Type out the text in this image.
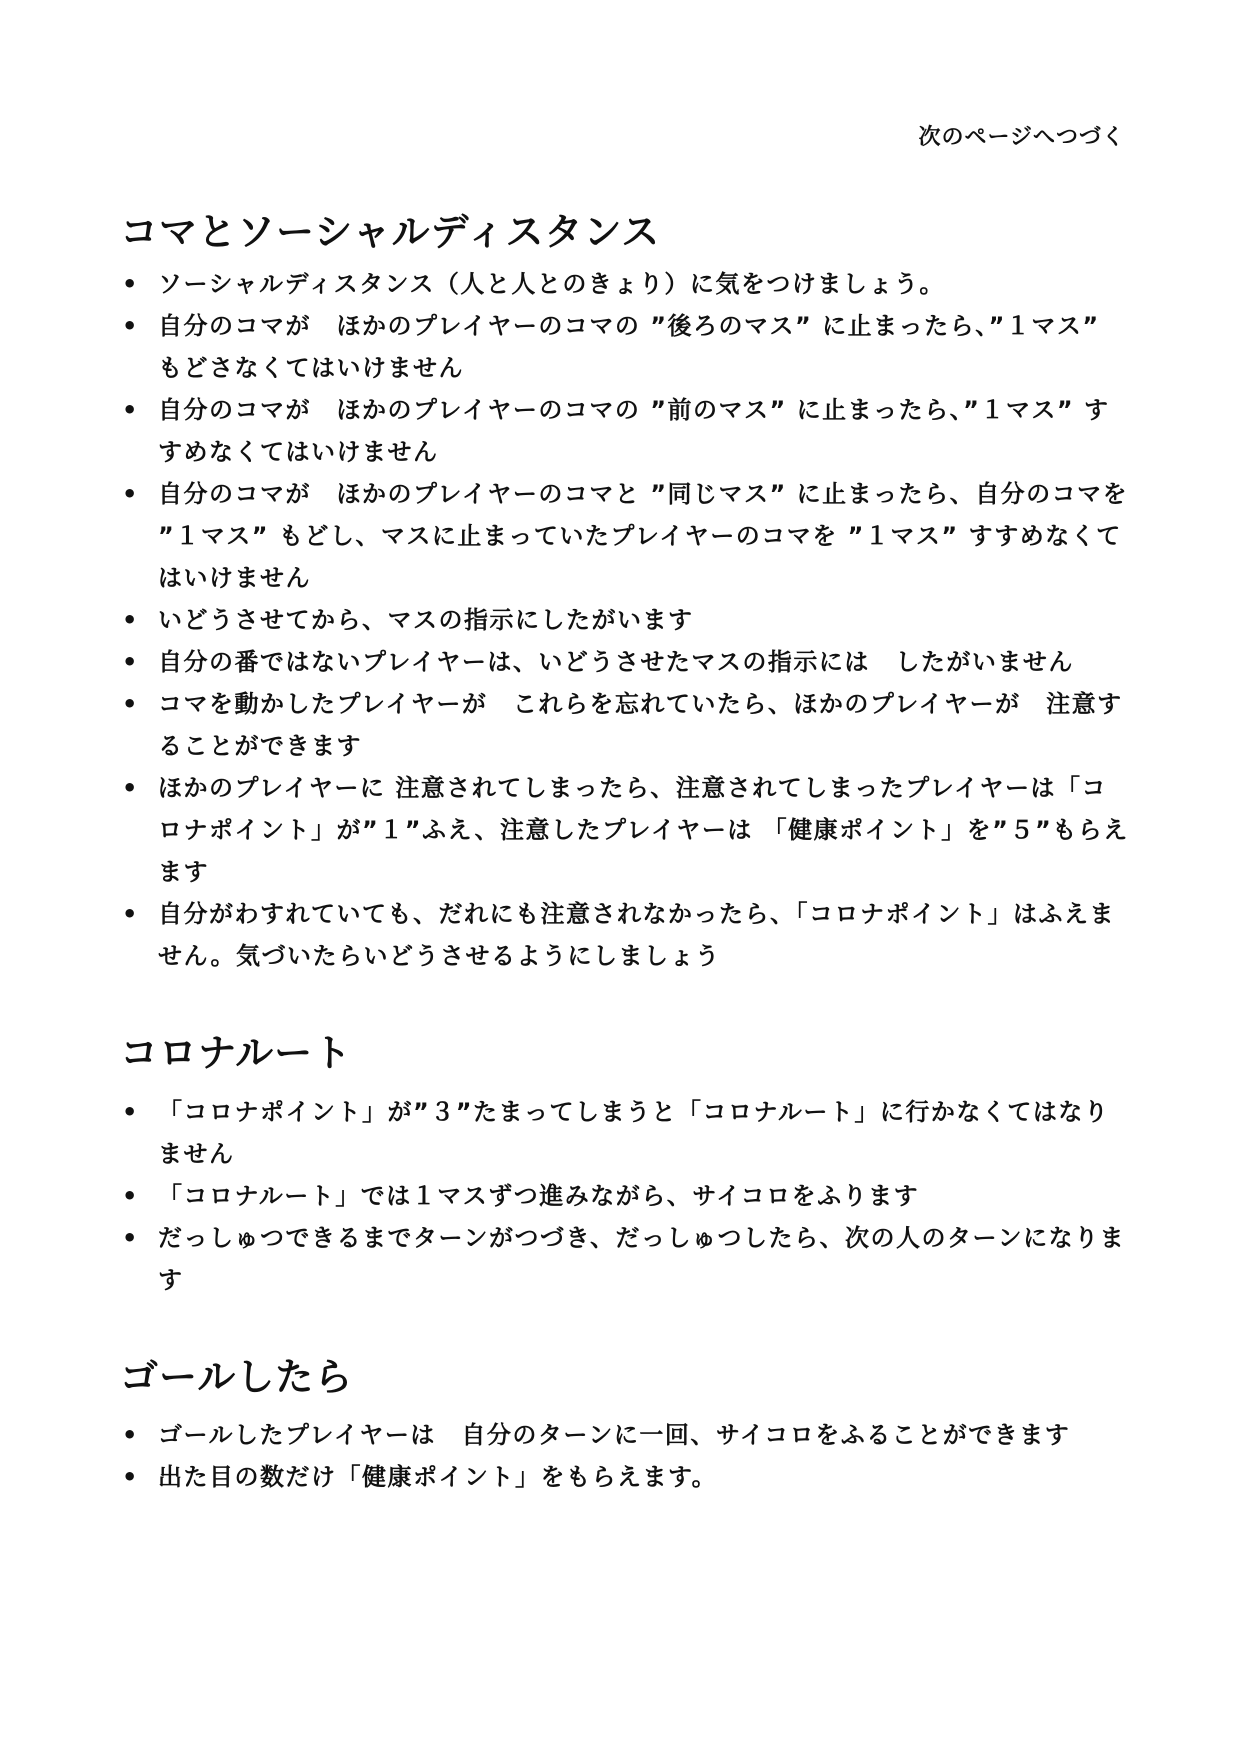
次のページへつづく
コマとソーシャルディスタンス
• ソーシャルディスタンス（人と人とのきょり）に気をつけましょう。
• 自分のコマが　ほかのプレイヤーのコマの ”後ろのマス” に止まったら、”１マス” もどさなくてはいけません
• 自分のコマが　ほかのプレイヤーのコマの ”前のマス” に止まったら、”１マス” すすめなくてはいけません
• 自分のコマが　ほかのプレイヤーのコマと ”同じマス” に止まったら、自分のコマを ”１マス” もどし、マスに止まっていたプレイヤーのコマを ”１マス” すすめなくてはいけません
• いどうさせてから、マスの指示にしたがいます
• 自分の番ではないプレイヤーは、いどうさせたマスの指示には　したがいません
• コマを動かしたプレイヤーが　これらを忘れていたら、ほかのプレイヤーが　注意することができます
• ほかのプレイヤーに 注意されてしまったら、注意されてしまったプレイヤーは「コロナポイント」が”１”ふえ、注意したプレイヤーは 「健康ポイント」を”５”もらえます
• 自分がわすれていても、だれにも注意されなかったら、「コロナポイント」はふえません。気づいたらいどうさせるようにしましょう
コロナルート
• 「コロナポイント」が”３”たまってしまうと「コロナルート」に行かなくてはなりません
• 「コロナルート」では１マスずつ進みながら、サイコロをふります
• だっしゅつできるまでターンがつづき、だっしゅつしたら、次の人のターンになります
ゴールしたら
• ゴールしたプレイヤーは　自分のターンに一回、サイコロをふることができます
• 出た目の数だけ「健康ポイント」をもらえます。
